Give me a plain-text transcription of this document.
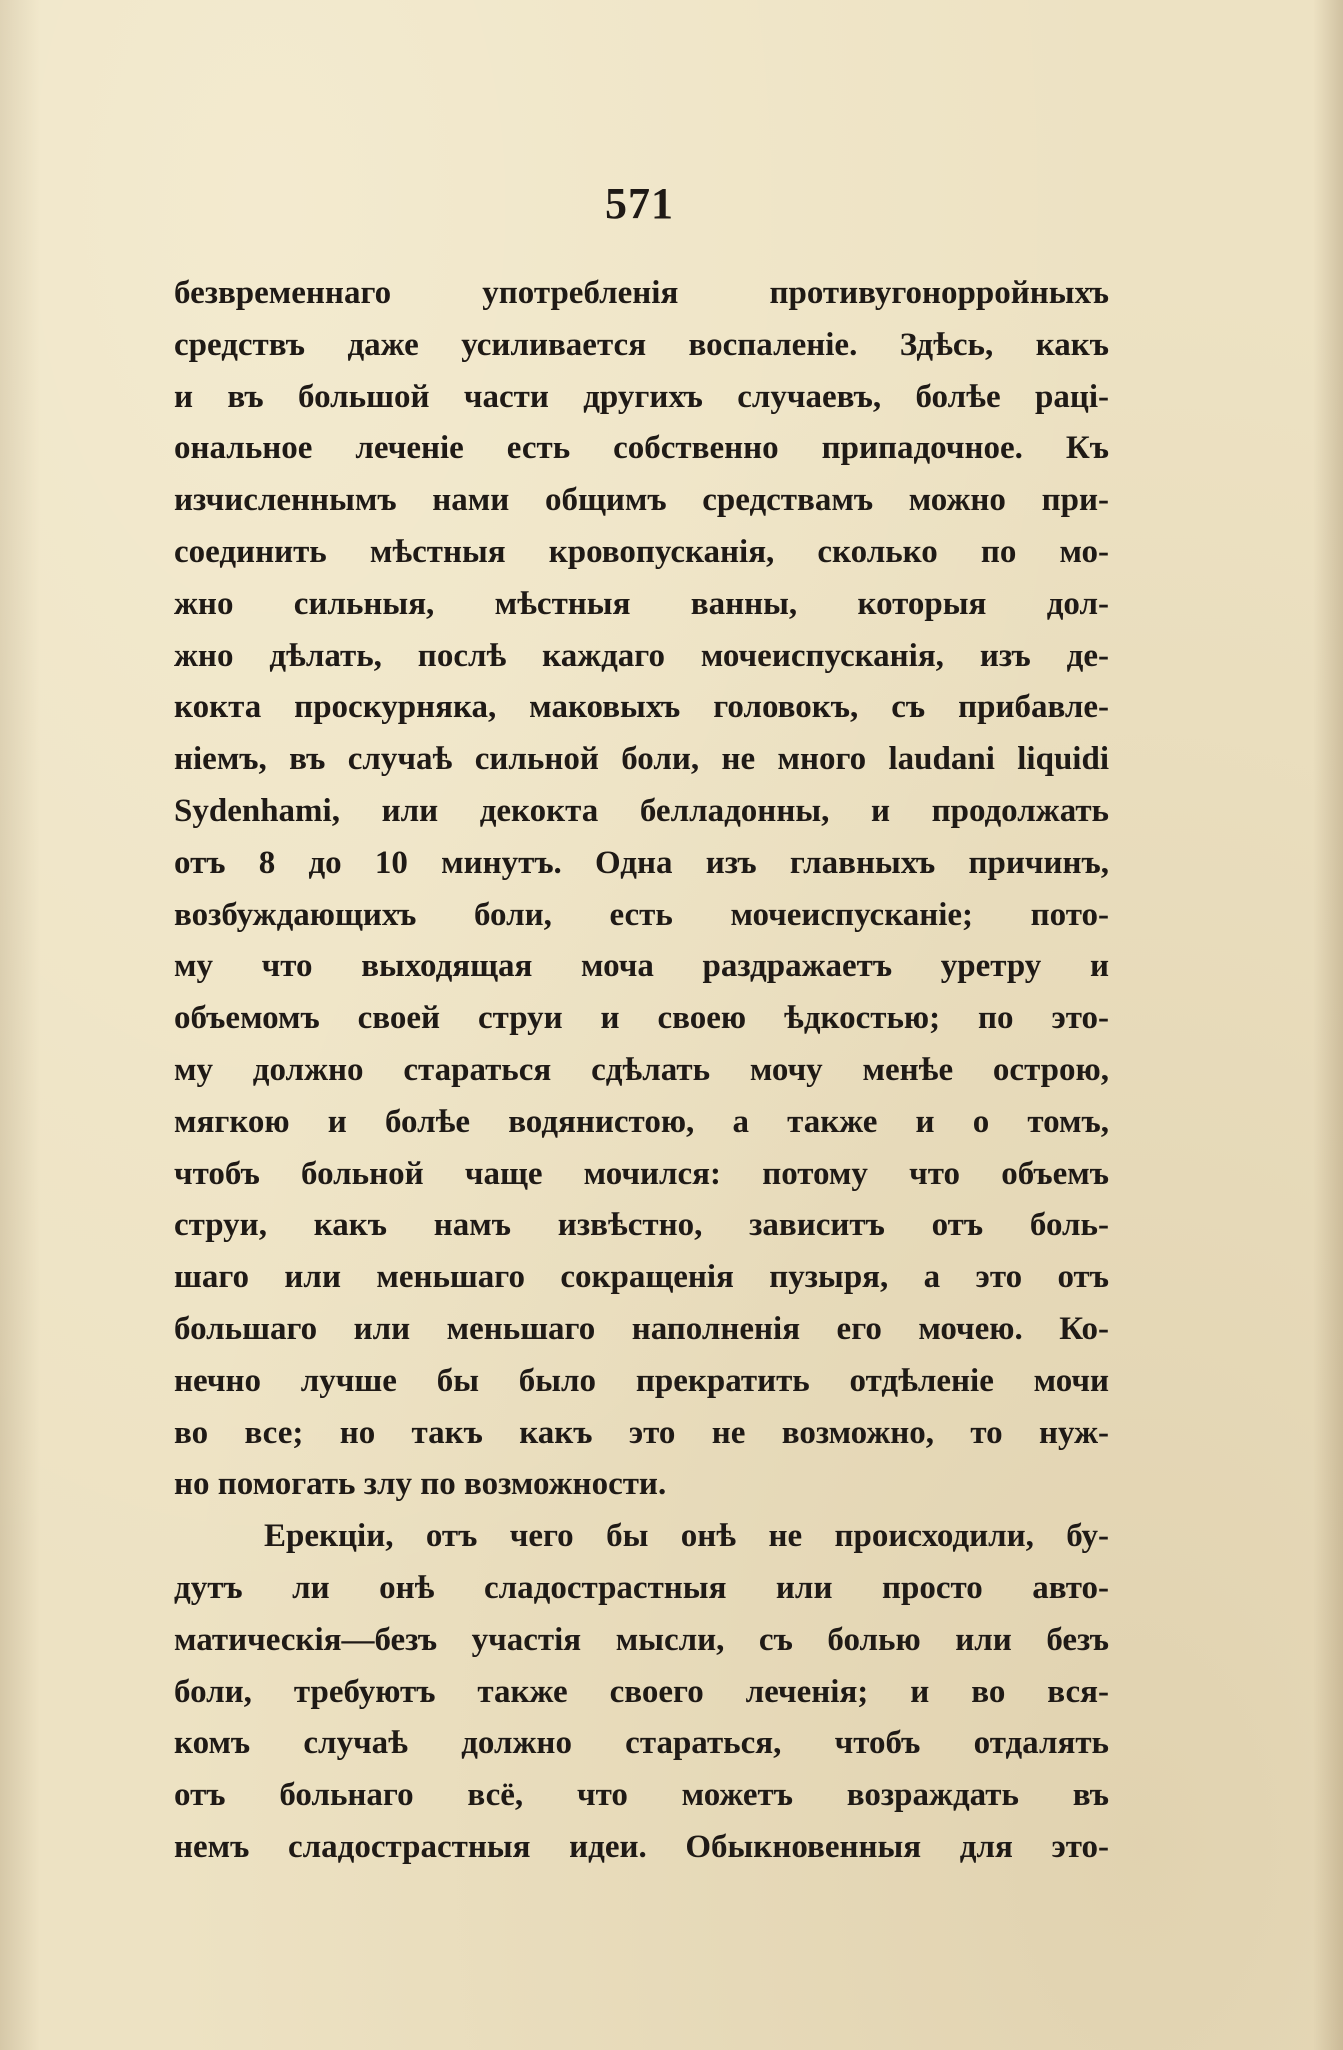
571
безвременнаго употребленія противугонорройныхъ
средствъ даже усиливается воспаленіе. Здѣсь, какъ
и въ большой части другихъ случаевъ, болѣе раці-
ональное леченіе есть собственно припадочное. Къ
изчисленнымъ нами общимъ средствамъ можно при-
соединить мѣстныя кровопусканія, сколько по мо-
жно сильныя, мѣстныя ванны, которыя дол-
жно дѣлать, послѣ каждаго мочеиспусканія, изъ де-
кокта проскурняка, маковыхъ головокъ, съ прибавле-
ніемъ, въ случаѣ сильной боли, не много laudani liquidi
Sydenhami, или декокта белладонны, и продолжать
отъ 8 до 10 минутъ. Одна изъ главныхъ причинъ,
возбуждающихъ боли, есть мочеиспусканіе; пото-
му что выходящая моча раздражаетъ уретру и
объемомъ своей струи и своею ѣдкостью; по это-
му должно стараться сдѣлать мочу менѣе острою,
мягкою и болѣе водянистою, а также и о томъ,
чтобъ больной чаще мочился: потому что объемъ
струи, какъ намъ извѣстно, зависитъ отъ боль-
шаго или меньшаго сокращенія пузыря, а это отъ
большаго или меньшаго наполненія его мочею. Ко-
нечно лучше бы было прекратить отдѣленіе мочи
во все; но такъ какъ это не возможно, то нуж-
но помогать злу по возможности.
Ерекціи, отъ чего бы онѣ не происходили, бу-
дутъ ли онѣ сладострастныя или просто авто-
матическія—безъ участія мысли, съ болью или безъ
боли, требуютъ также своего леченія; и во вся-
комъ случаѣ должно стараться, чтобъ отдалять
отъ больнаго всё, что можетъ возраждать въ
немъ сладострастныя идеи. Обыкновенныя для это-
